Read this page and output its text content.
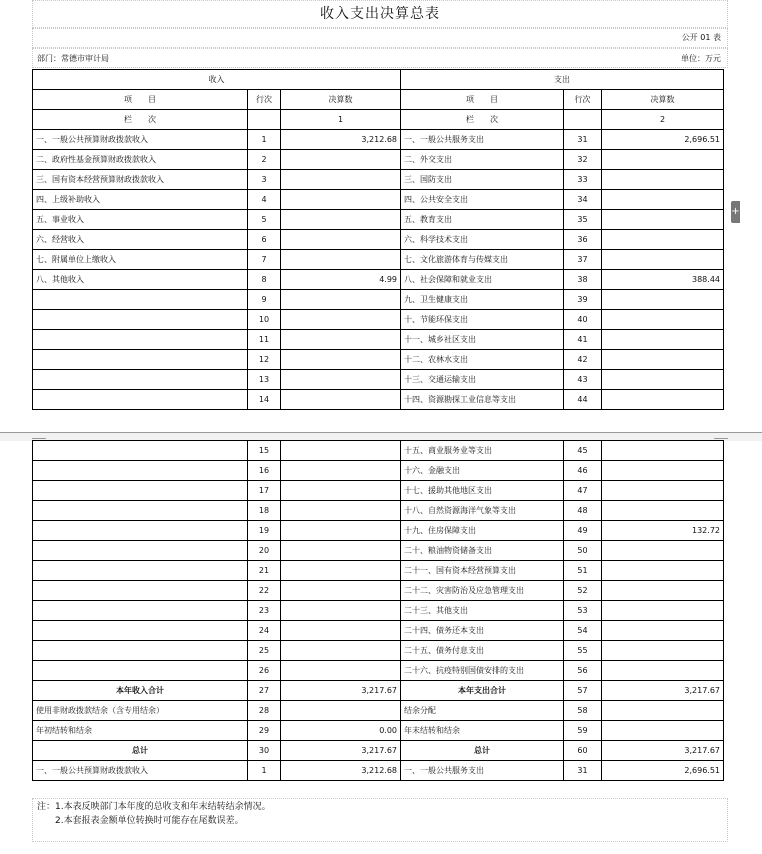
收入支出决算总表
公开 01 表
部门：常德市审计局	单位：万元
收入			支出		
项　　目	行次	决算数	项　　目	行次	决算数
栏　　次		1	栏　　次		2
一、一般公共预算财政拨款收入	1	3,212.68	一、一般公共服务支出	31	2,696.51
二、政府性基金预算财政拨款收入	2		二、外交支出	32	
三、国有资本经营预算财政拨款收入	3		三、国防支出	33	
四、上级补助收入	4		四、公共安全支出	34	
五、事业收入	5		五、教育支出	35	
六、经营收入	6		六、科学技术支出	36	
七、附属单位上缴收入	7		七、文化旅游体育与传媒支出	37	
八、其他收入	8	4.99	八、社会保障和就业支出	38	388.44
	9		九、卫生健康支出	39	
	10		十、节能环保支出	40	
	11		十一、城乡社区支出	41	
	12		十二、农林水支出	42	
	13		十三、交通运输支出	43	
	14		十四、资源勘探工业信息等支出	44	
	15		十五、商业服务业等支出	45	
	16		十六、金融支出	46	
	17		十七、援助其他地区支出	47	
	18		十八、自然资源海洋气象等支出	48	
	19		十九、住房保障支出	49	132.72
	20		二十、粮油物资储备支出	50	
	21		二十一、国有资本经营预算支出	51	
	22		二十二、灾害防治及应急管理支出	52	
	23		二十三、其他支出	53	
	24		二十四、债务还本支出	54	
	25		二十五、债务付息支出	55	
	26		二十六、抗疫特别国债安排的支出	56	
本年收入合计	27	3,217.67	本年支出合计	57	3,217.67
使用非财政拨款结余（含专用结余）	28		结余分配	58	
年初结转和结余	29	0.00	年末结转和结余	59	
总计	30	3,217.67	总计	60	3,217.67
一、一般公共预算财政拨款收入	1	3,212.68	一、一般公共服务支出	31	2,696.51
注：1.本表反映部门本年度的总收支和年末结转结余情况。
　　2.本套报表金额单位转换时可能存在尾数误差。
+
